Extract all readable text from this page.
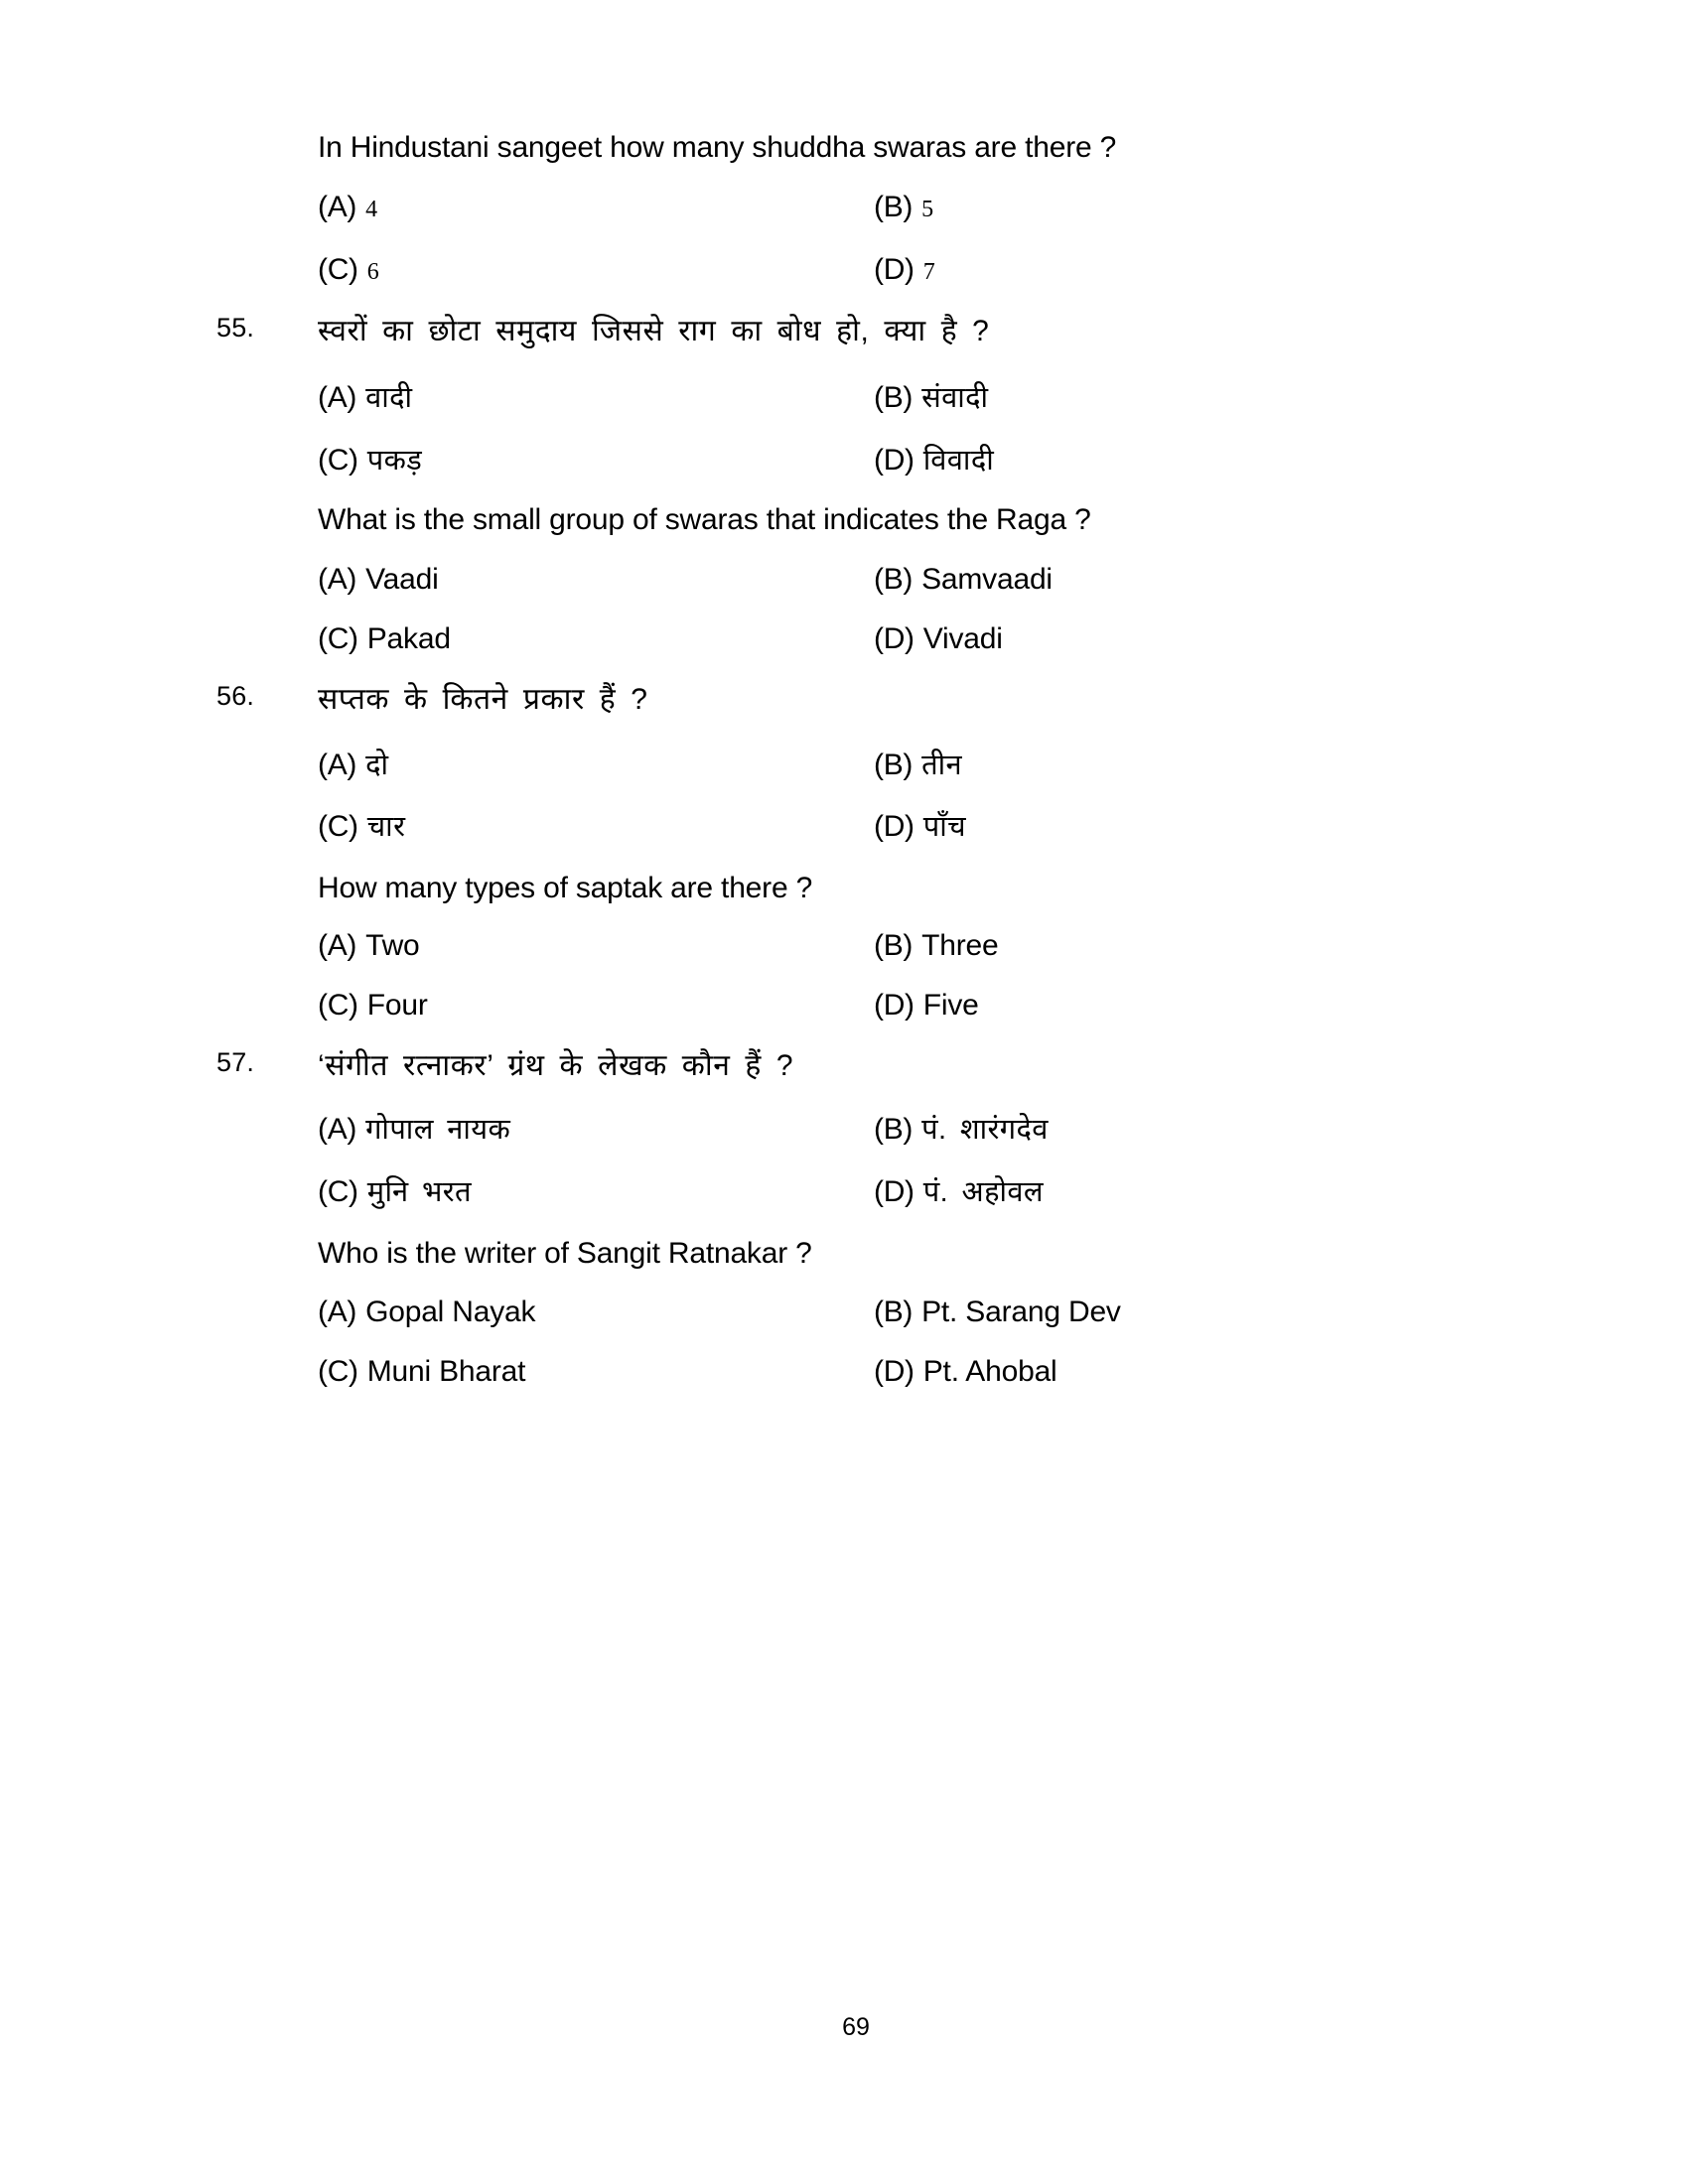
In Hindustani sangeet how many shuddha swaras are there ?
(A) 4	(B) 5
(C) 6	(D) 7
55.	स्वरों का छोटा समुदाय जिससे राग का बोध हो, क्या है ?
(A) वादी	(B) संवादी
(C) पकड़	(D) विवादी
What is the small group of swaras that indicates the Raga ?
(A) Vaadi	(B) Samvaadi
(C) Pakad	(D) Vivadi
56.	सप्तक के कितने प्रकार हैं ?
(A) दो	(B) तीन
(C) चार	(D) पाँच
How many types of saptak are there ?
(A) Two	(B) Three
(C) Four	(D) Five
57.	‘संगीत रत्नाकर’ ग्रंथ के लेखक कौन हैं ?
(A) गोपाल नायक	(B) पं. शारंगदेव
(C) मुनि भरत	(D) पं. अहोवल
Who is the writer of Sangit Ratnakar ?
(A) Gopal Nayak	(B) Pt. Sarang Dev
(C) Muni Bharat	(D) Pt. Ahobal
69
